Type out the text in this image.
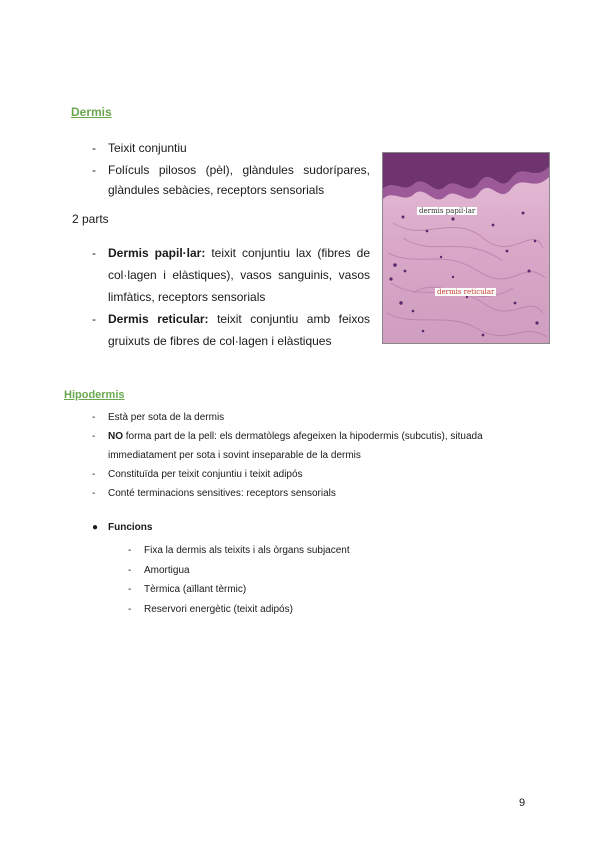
Dermis
- Teixit conjuntiu
- Folículs pilosos (pèl), glàndules sudorípares, glàndules sebàcies, receptors sensorials
2 parts
- Dermis papil·lar: teixit conjuntiu lax (fibres de col·lagen i elàstiques), vasos sanguinis, vasos limfàtics, receptors sensorials
- Dermis reticular: teixit conjuntiu amb feixos gruixuts de fibres de col·lagen i elàstiques
dermis papil·lar
dermis reticular
Hipodermis
- Està per sota de la dermis
- NO forma part de la pell: els dermatòlegs afegeixen la hipodermis (subcutis), situada immediatament per sota i sovint inseparable de la dermis
- Constituïda per teixit conjuntiu i teixit adipós
- Conté terminacions sensitives: receptors sensorials
● Funcions
- Fixa la dermis als teixits i als òrgans subjacent
- Amortigua
- Tèrmica (aïllant tèrmic)
- Reservori energètic (teixit adipós)
9
